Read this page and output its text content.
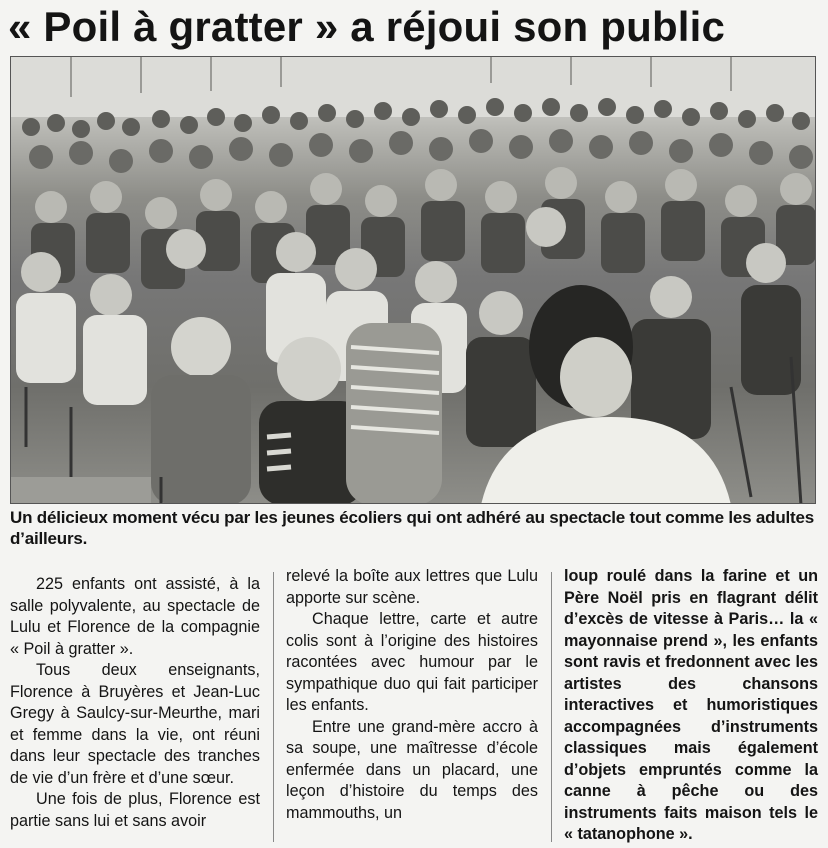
« Poil à gratter » a réjoui son public
Un délicieux moment vécu par les jeunes écoliers qui ont adhéré au spectacle tout comme les adultes d’ailleurs.

225 enfants ont assisté, à la salle polyvalente, au spectacle de Lulu et Florence de la compagnie « Poil à gratter ».

Tous deux enseignants, Florence à Bruyères et Jean-Luc Gregy à Saulcy-sur-Meurthe, mari et femme dans la vie, ont réuni dans leur spectacle des tranches de vie d’un frère et d’une sœur.

Une fois de plus, Florence est partie sans lui et sans avoir

relevé la boîte aux lettres que Lulu apporte sur scène.

Chaque lettre, carte et autre colis sont à l’origine des histoires racontées avec humour par le sympathique duo qui fait participer les enfants.

Entre une grand-mère accro à sa soupe, une maîtresse d’école enfermée dans un placard, une leçon d’histoire du temps des mammouths, un

loup roulé dans la farine et un Père Noël pris en flagrant délit d’excès de vitesse à Paris… la « mayonnaise prend », les enfants sont ravis et fredonnent avec les artistes des chansons interactives et humoristiques accompagnées d’instruments classiques mais également d’objets empruntés comme la canne à pêche ou des instruments faits maison tels le « tatanophone ».
